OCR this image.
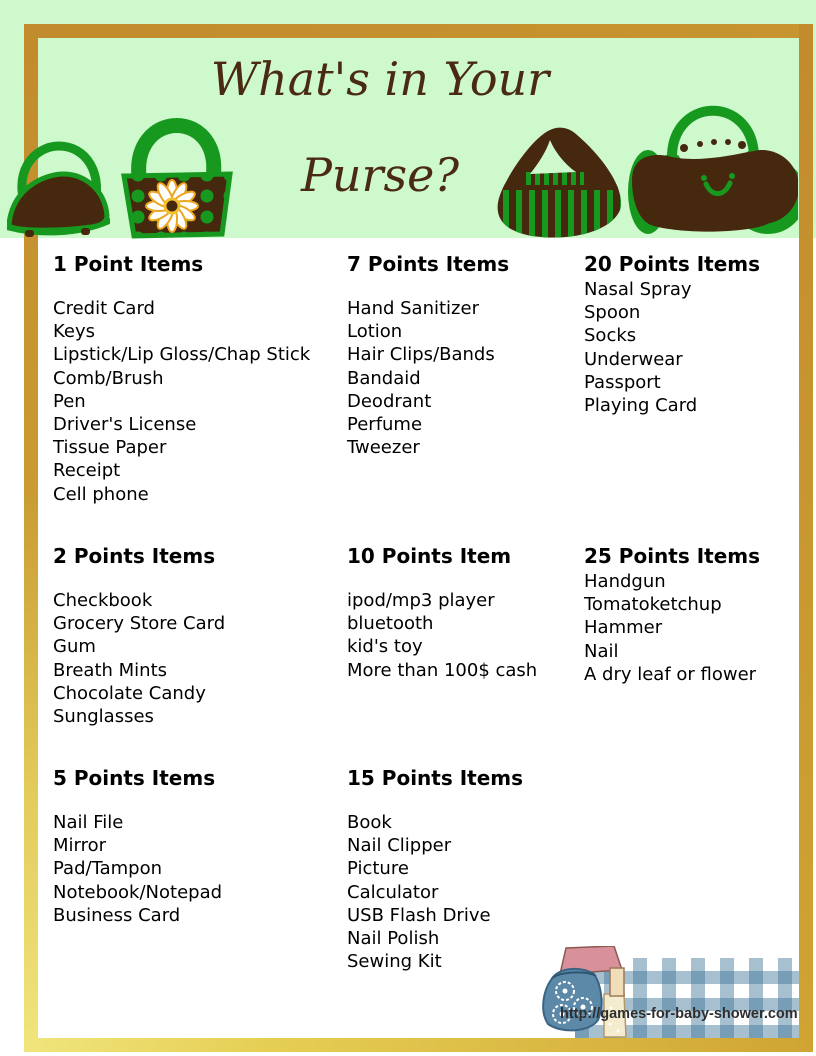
What's in Your
Purse?
1 Point Items
Credit Card
Keys
Lipstick/Lip Gloss/Chap Stick
Comb/Brush
Pen
Driver's License
Tissue Paper
Receipt
Cell phone
7 Points Items
Hand Sanitizer
Lotion
Hair Clips/Bands
Bandaid
Deodrant
Perfume
Tweezer
20 Points Items
Nasal Spray
Spoon
Socks
Underwear
Passport
Playing Card
2 Points Items
Checkbook
Grocery Store Card
Gum
Breath Mints
Chocolate Candy
Sunglasses
10 Points Item
ipod/mp3 player
bluetooth
kid's toy
More than 100$ cash
25 Points Items
Handgun
Tomatoketchup
Hammer
Nail
A dry leaf or flower
5 Points Items
Nail File
Mirror
Pad/Tampon
Notebook/Notepad
Business Card
15 Points Items
Book
Nail Clipper
Picture
Calculator
USB Flash Drive
Nail Polish
Sewing Kit
http://games-for-baby-shower.com
